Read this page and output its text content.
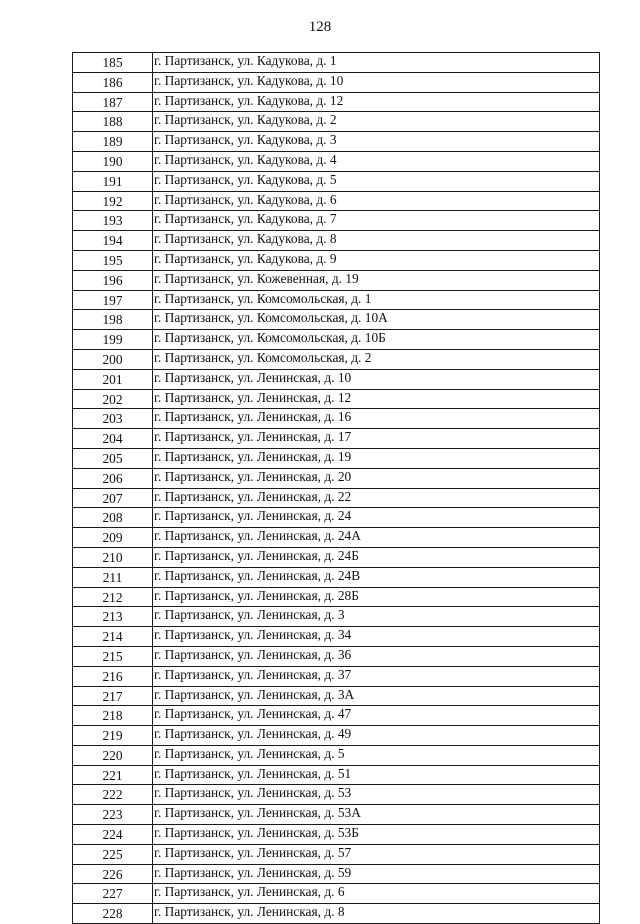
128
185	г. Партизанск, ул. Кадукова, д. 1
186	г. Партизанск, ул. Кадукова, д. 10
187	г. Партизанск, ул. Кадукова, д. 12
188	г. Партизанск, ул. Кадукова, д. 2
189	г. Партизанск, ул. Кадукова, д. 3
190	г. Партизанск, ул. Кадукова, д. 4
191	г. Партизанск, ул. Кадукова, д. 5
192	г. Партизанск, ул. Кадукова, д. 6
193	г. Партизанск, ул. Кадукова, д. 7
194	г. Партизанск, ул. Кадукова, д. 8
195	г. Партизанск, ул. Кадукова, д. 9
196	г. Партизанск, ул. Кожевенная, д. 19
197	г. Партизанск, ул. Комсомольская, д. 1
198	г. Партизанск, ул. Комсомольская, д. 10А
199	г. Партизанск, ул. Комсомольская, д. 10Б
200	г. Партизанск, ул. Комсомольская, д. 2
201	г. Партизанск, ул. Ленинская, д. 10
202	г. Партизанск, ул. Ленинская, д. 12
203	г. Партизанск, ул. Ленинская, д. 16
204	г. Партизанск, ул. Ленинская, д. 17
205	г. Партизанск, ул. Ленинская, д. 19
206	г. Партизанск, ул. Ленинская, д. 20
207	г. Партизанск, ул. Ленинская, д. 22
208	г. Партизанск, ул. Ленинская, д. 24
209	г. Партизанск, ул. Ленинская, д. 24А
210	г. Партизанск, ул. Ленинская, д. 24Б
211	г. Партизанск, ул. Ленинская, д. 24В
212	г. Партизанск, ул. Ленинская, д. 28Б
213	г. Партизанск, ул. Ленинская, д. 3
214	г. Партизанск, ул. Ленинская, д. 34
215	г. Партизанск, ул. Ленинская, д. 36
216	г. Партизанск, ул. Ленинская, д. 37
217	г. Партизанск, ул. Ленинская, д. 3А
218	г. Партизанск, ул. Ленинская, д. 47
219	г. Партизанск, ул. Ленинская, д. 49
220	г. Партизанск, ул. Ленинская, д. 5
221	г. Партизанск, ул. Ленинская, д. 51
222	г. Партизанск, ул. Ленинская, д. 53
223	г. Партизанск, ул. Ленинская, д. 53А
224	г. Партизанск, ул. Ленинская, д. 53Б
225	г. Партизанск, ул. Ленинская, д. 57
226	г. Партизанск, ул. Ленинская, д. 59
227	г. Партизанск, ул. Ленинская, д. 6
228	г. Партизанск, ул. Ленинская, д. 8
